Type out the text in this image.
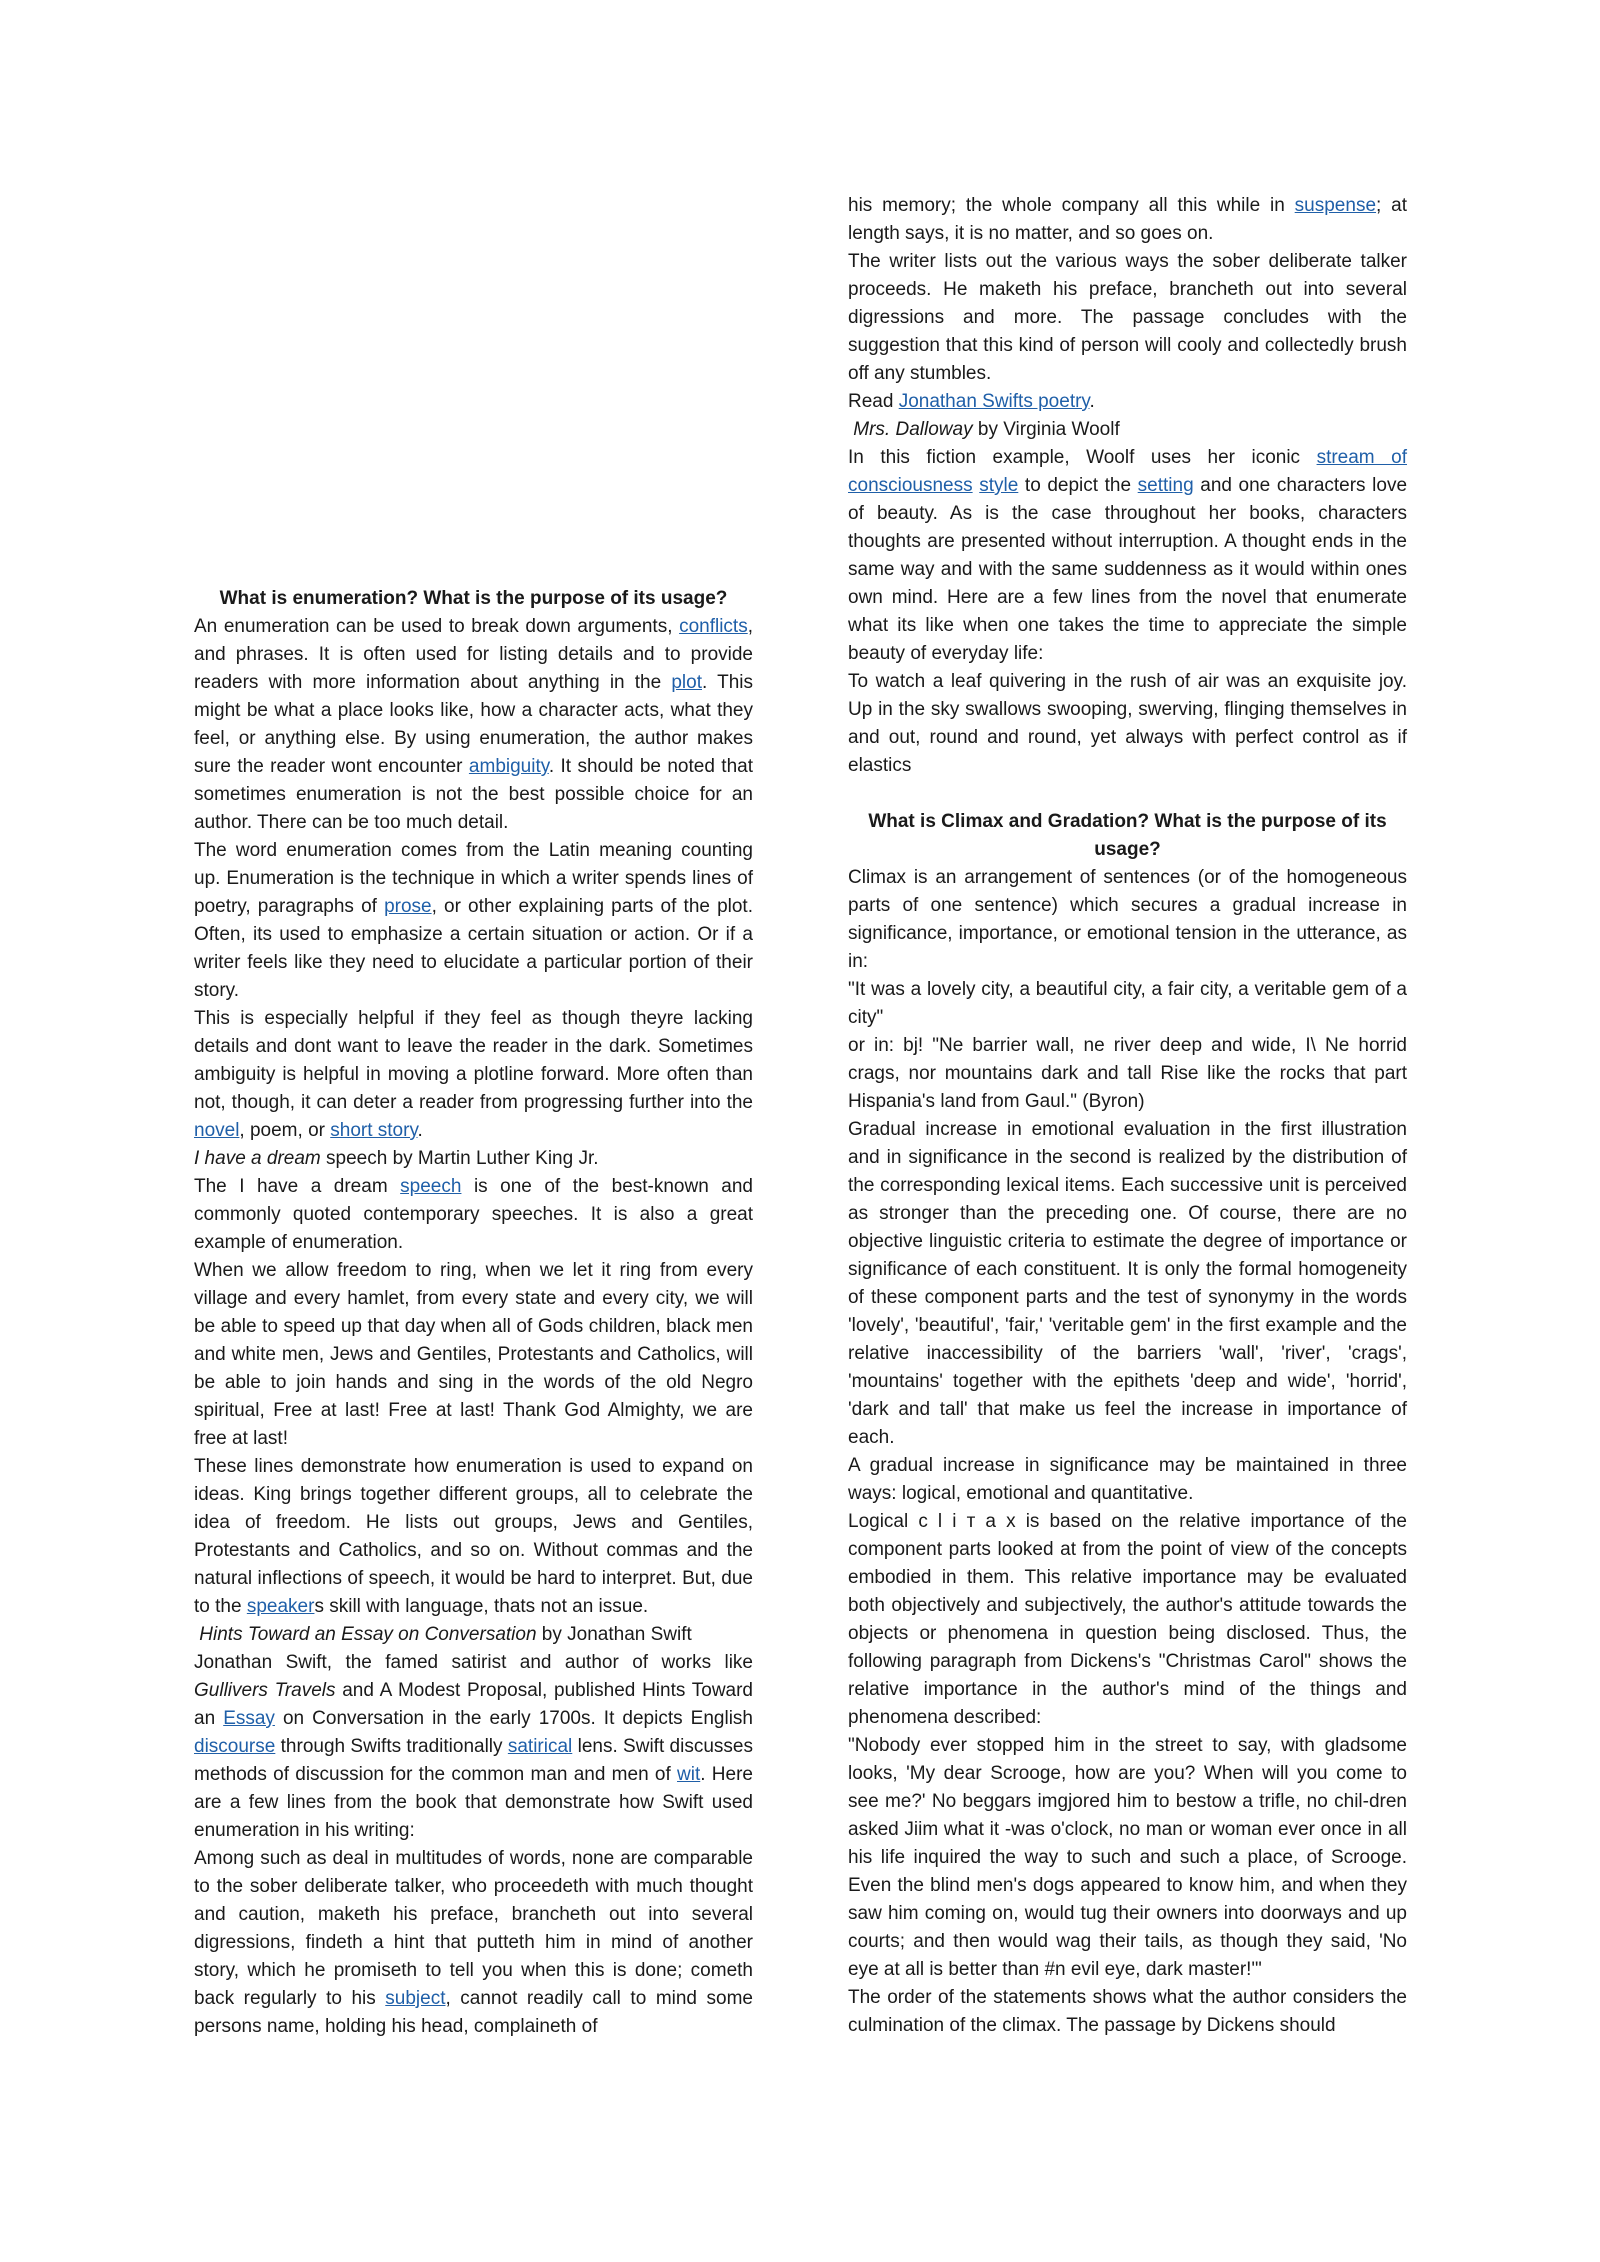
What is enumeration? What is the purpose of its usage?

An enumeration can be used to break down arguments, conflicts, and phrases. It is often used for listing details and to provide readers with more information about anything in the plot. This might be what a place looks like, how a character acts, what they feel, or anything else. By using enumeration, the author makes sure the reader wont encounter ambiguity. It should be noted that sometimes enumeration is not the best possible choice for an author. There can be too much detail.

The word enumeration comes from the Latin meaning counting up. Enumeration is the technique in which a writer spends lines of poetry, paragraphs of prose, or other explaining parts of the plot. Often, its used to emphasize a certain situation or action. Or if a writer feels like they need to elucidate a particular portion of their story.

This is especially helpful if they feel as though theyre lacking details and dont want to leave the reader in the dark. Sometimes ambiguity is helpful in moving a plotline forward. More often than not, though, it can deter a reader from progressing further into the novel, poem, or short story.

I have a dream speech by Martin Luther King Jr.

The I have a dream speech is one of the best-known and commonly quoted contemporary speeches. It is also a great example of enumeration.

When we allow freedom to ring, when we let it ring from every village and every hamlet, from every state and every city, we will be able to speed up that day when all of Gods children, black men and white men, Jews and Gentiles, Protestants and Catholics, will be able to join hands and sing in the words of the old Negro spiritual, Free at last! Free at last! Thank God Almighty, we are free at last!

These lines demonstrate how enumeration is used to expand on ideas. King brings together different groups, all to celebrate the idea of freedom. He lists out groups, Jews and Gentiles, Protestants and Catholics, and so on. Without commas and the natural inflections of speech, it would be hard to interpret. But, due to the speakers skill with language, thats not an issue.

Hints Toward an Essay on Conversation by Jonathan Swift

Jonathan Swift, the famed satirist and author of works like Gullivers Travels and A Modest Proposal, published Hints Toward an Essay on Conversation in the early 1700s. It depicts English discourse through Swifts traditionally satirical lens. Swift discusses methods of discussion for the common man and men of wit. Here are a few lines from the book that demonstrate how Swift used enumeration in his writing:

Among such as deal in multitudes of words, none are comparable to the sober deliberate talker, who proceedeth with much thought and caution, maketh his preface, brancheth out into several digressions, findeth a hint that putteth him in mind of another story, which he promiseth to tell you when this is done; cometh back regularly to his subject, cannot readily call to mind some persons name, holding his head, complaineth of

his memory; the whole company all this while in suspense; at length says, it is no matter, and so goes on.

The writer lists out the various ways the sober deliberate talker proceeds. He maketh his preface, brancheth out into several digressions and more. The passage concludes with the suggestion that this kind of person will cooly and collectedly brush off any stumbles.

Read Jonathan Swifts poetry.

Mrs. Dalloway by Virginia Woolf

In this fiction example, Woolf uses her iconic stream of consciousness style to depict the setting and one characters love of beauty. As is the case throughout her books, characters thoughts are presented without interruption. A thought ends in the same way and with the same suddenness as it would within ones own mind. Here are a few lines from the novel that enumerate what its like when one takes the time to appreciate the simple beauty of everyday life:

To watch a leaf quivering in the rush of air was an exquisite joy. Up in the sky swallows swooping, swerving, flinging themselves in and out, round and round, yet always with perfect control as if elastics

What is Climax and Gradation? What is the purpose of its usage?

Climax is an arrangement of sentences (or of the homogeneous parts of one sentence) which secures a gradual increase in significance, importance, or emotional tension in the utterance, as in:

"It was a lovely city, a beautiful city, a fair city, a veritable gem of a city"

or in: bj! "Ne barrier wall, ne river deep and wide, I\ Ne horrid crags, nor mountains dark and tall Rise like the rocks that part Hispania's land from Gaul." (Byron)

Gradual increase in emotional evaluation in the first illustration and in significance in the second is realized by the distribution of the corresponding lexical items. Each successive unit is perceived as stronger than the preceding one. Of course, there are no objective linguistic criteria to estimate the degree of importance or significance of each constituent. It is only the formal homogeneity of these component parts and the test of synonymy in the words 'lovely', 'beautiful', 'fair,' 'veritable gem' in the first example and the relative inaccessibility of the barriers 'wall', 'river', 'crags', 'mountains' together with the epithets 'deep and wide', 'horrid', 'dark and tall' that make us feel the increase in importance of each.

A gradual increase in significance may be maintained in three ways: logical, emotional and quantitative.

Logical c l i т a x is based on the relative importance of the component parts looked at from the point of view of the concepts embodied in them. This relative importance may be evaluated both objectively and subjectively, the author's attitude towards the objects or phenomena in question being disclosed. Thus, the following paragraph from Dickens's "Christmas Carol" shows the relative importance in the author's mind of the things and phenomena described:

"Nobody ever stopped him in the street to say, with gladsome looks, 'My dear Scrooge, how are you? When will you come to see me?' No beggars imgjored him to bestow a trifle, no chil-dren asked Jiim what it -was o'clock, no man or woman ever once in all his life inquired the way to such and such a place, of Scrooge. Even the blind men's dogs appeared to know him, and when they saw him coming on, would tug their owners into doorways and up courts; and then would wag their tails, as though they said, 'No eye at all is better than #n evil eye, dark master!'"

The order of the statements shows what the author considers the culmination of the climax. The passage by Dickens should
